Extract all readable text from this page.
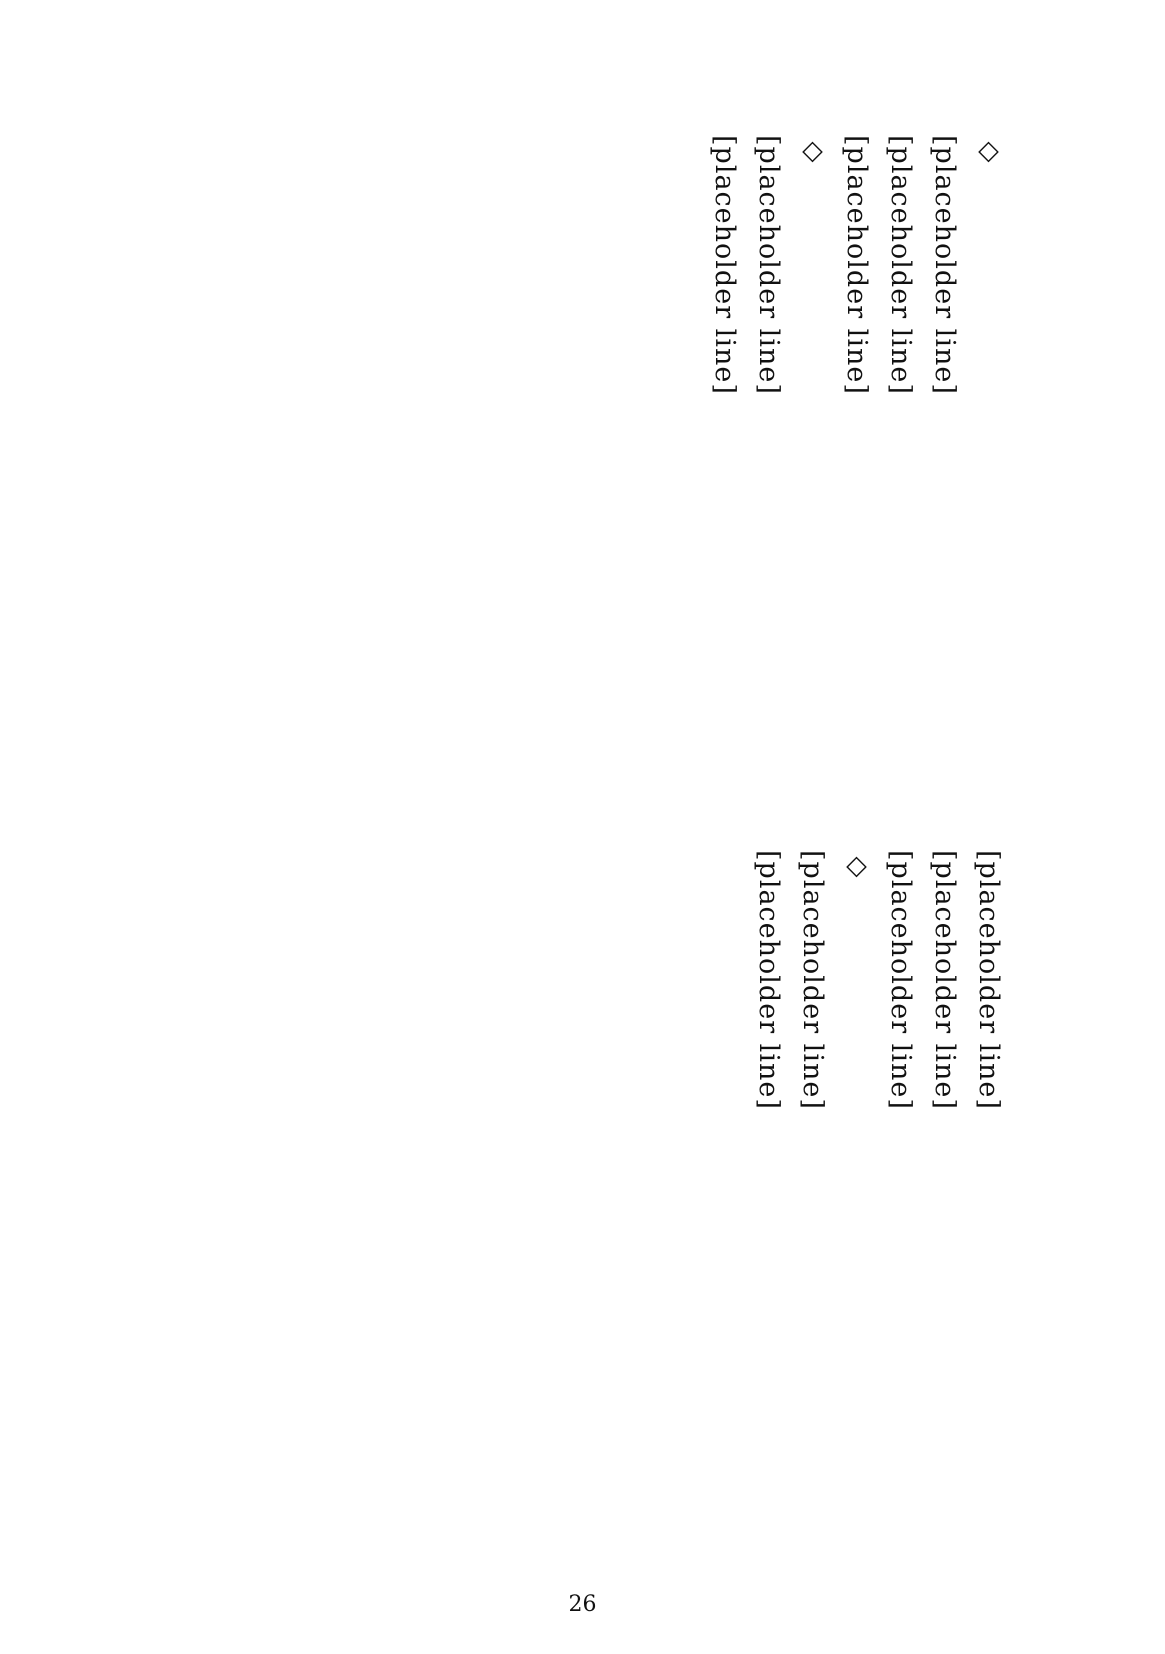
◇
[placeholder line]
[placeholder line]
[placeholder line]
◇
[placeholder line]
[placeholder line]
[placeholder line]
[placeholder line]
[placeholder line]
◇
[placeholder line]
[placeholder line]
26
